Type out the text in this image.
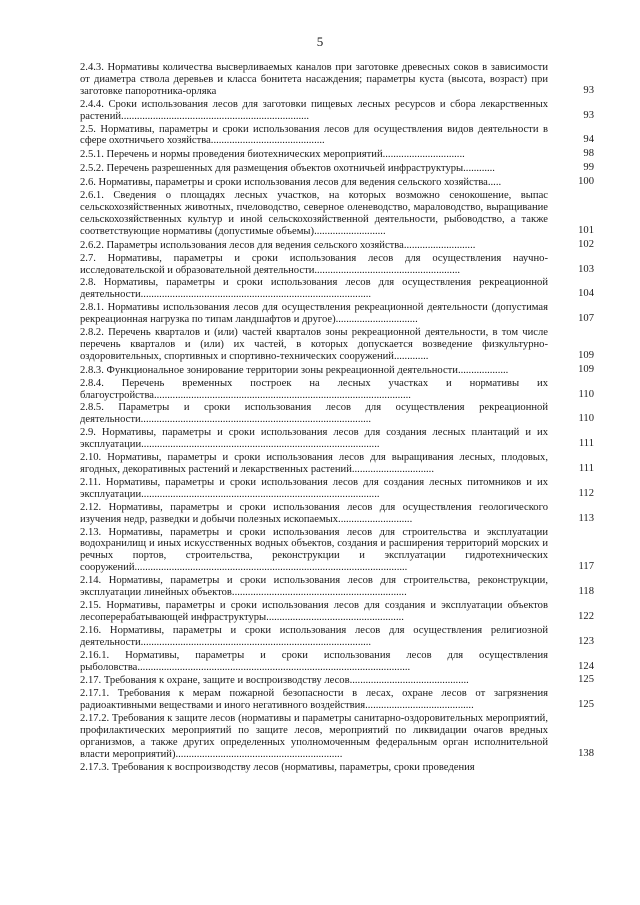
5
2.4.3. Нормативы количества высверливаемых каналов при заготовке древесных соков в зависимости от диаметра ствола деревьев и класса бонитета насаждения; параметры куста (высота, возраст) при заготовке папоротника-орляка	93
2.4.4. Сроки использования лесов для заготовки пищевых лесных ресурсов и сбора лекарственных растений.......................................................................	93
2.5. Нормативы, параметры и сроки использования лесов для осуществления видов деятельности в сфере охотничьего хозяйства...........................................	94
2.5.1. Перечень и нормы проведения биотехнических мероприятий...............................	98
2.5.2. Перечень разрешенных для размещения объектов охотничьей инфраструктуры............	99
2.6. Нормативы, параметры и сроки использования лесов для ведения сельского хозяйства.....	100
2.6.1. Сведения о площадях лесных участков, на которых возможно сенокошение, выпас сельскохозяйственных животных, пчеловодство, северное оленеводство, мараловодство, выращивание сельскохозяйственных культур и иной сельскохозяйственной деятельности, рыбоводство, а также соответствующие нормативы (допустимые объемы)...........................	101
2.6.2. Параметры использования лесов для ведения сельского хозяйства...........................	102
2.7. Нормативы, параметры и сроки использования лесов для осуществления научно-исследовательской и образовательной деятельности.......................................................	103
2.8. Нормативы, параметры и сроки использования лесов для осуществления рекреационной деятельности.......................................................................................	104
2.8.1. Нормативы использования лесов для осуществления рекреационной деятельности (допустимая рекреационная нагрузка по типам ландшафтов и другое)...............................	107
2.8.2. Перечень кварталов и (или) частей кварталов зоны рекреационной деятельности, в том числе перечень кварталов и (или) их частей, в которых допускается возведение физкультурно-оздоровительных, спортивных и спортивно-технических сооружений.............	109
2.8.3. Функциональное зонирование территории зоны рекреационной деятельности...................	109
2.8.4. Перечень временных построек на лесных участках и нормативы их благоустройства.................................................................................................	110
2.8.5. Параметры и сроки использования лесов для осуществления рекреационной деятельности.......................................................................................	110
2.9. Нормативы, параметры и сроки использования лесов для создания лесных плантаций и их эксплуатации..........................................................................................	111
2.10. Нормативы, параметры и сроки использования лесов для выращивания лесных, плодовых, ягодных, декоративных растений и лекарственных растений...............................	111
2.11. Нормативы, параметры и сроки использования лесов для создания лесных питомников и их эксплуатации..........................................................................................	112
2.12. Нормативы, параметры и сроки использования лесов для осуществления геологического изучения недр, разведки и добычи полезных ископаемых............................	113
2.13. Нормативы, параметры и сроки использования лесов для строительства и эксплуатации водохранилищ и иных искусственных водных объектов, создания и расширения территорий морских и речных портов, строительства, реконструкции и эксплуатации гидротехнических сооружений.......................................................................................................	117
2.14. Нормативы, параметры и сроки использования лесов для строительства, реконструкции, эксплуатации линейных объектов..................................................................	118
2.15. Нормативы, параметры и сроки использования лесов для создания и эксплуатации объектов лесоперерабатывающей инфраструктуры....................................................	122
2.16. Нормативы, параметры и сроки использования лесов для осуществления религиозной деятельности.......................................................................................	123
2.16.1. Нормативы, параметры и сроки использования лесов для осуществления рыболовства.......................................................................................................	124
2.17. Требования к охране, защите и воспроизводству лесов.............................................	125
2.17.1. Требования к мерам пожарной безопасности в лесах, охране лесов от загрязнения радиоактивными веществами и иного негативного воздействия.........................................	125
2.17.2. Требования к защите лесов (нормативы и параметры санитарно-оздоровительных мероприятий, профилактических мероприятий по защите лесов, мероприятий по ликвидации очагов вредных организмов, а также других определенных уполномоченным федеральным орган исполнительной власти мероприятий)...............................................................	138
2.17.3. Требования к воспроизводству лесов (нормативы, параметры, сроки проведения
